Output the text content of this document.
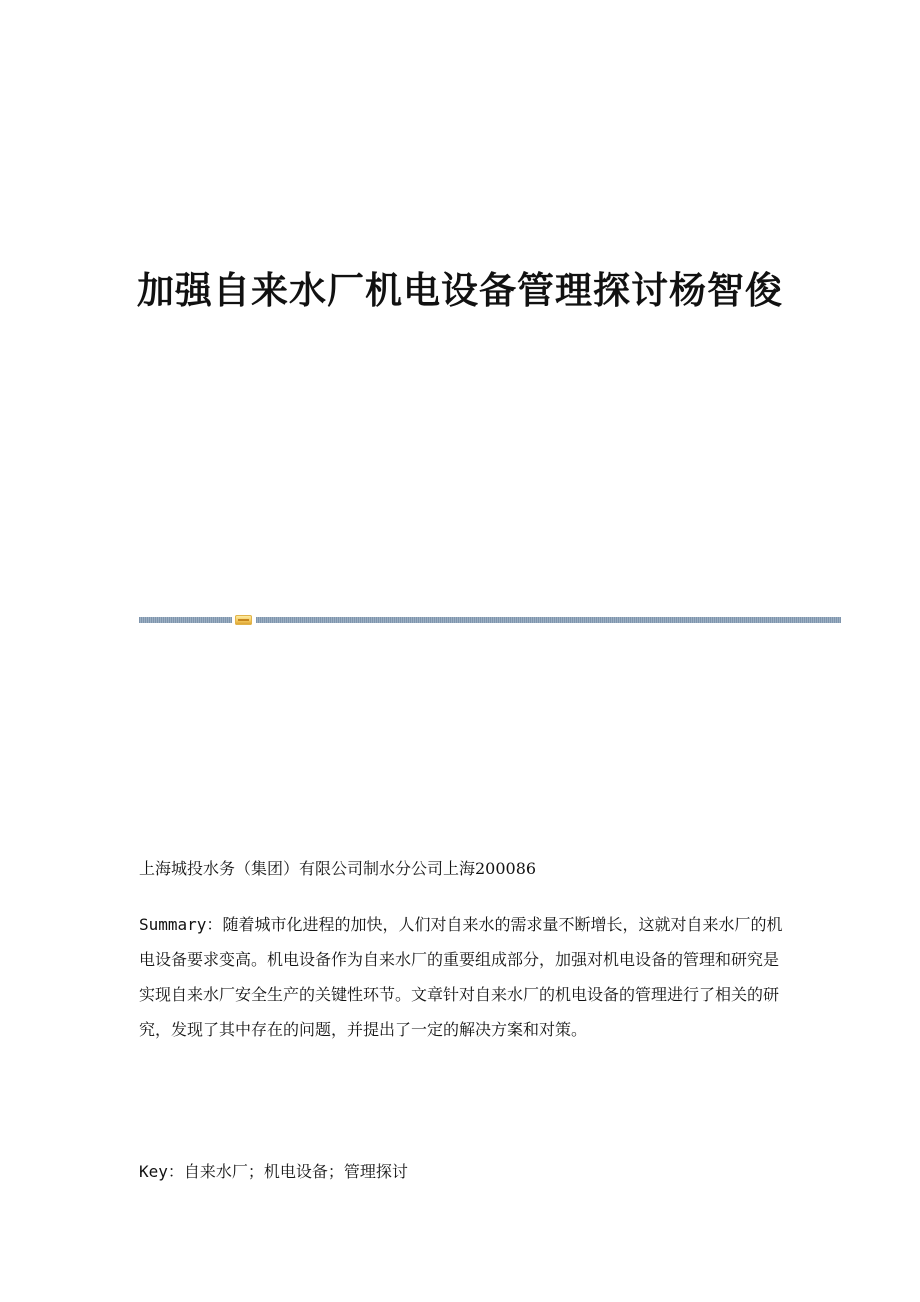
加强自来水厂机电设备管理探讨杨智俊

上海城投水务（集团）有限公司制水分公司上海200086

Summary：随着城市化进程的加快，人们对自来水的需求量不断增长，这就对自来水厂的机电设备要求变高。机电设备作为自来水厂的重要组成部分，加强对机电设备的管理和研究是实现自来水厂安全生产的关键性环节。文章针对自来水厂的机电设备的管理进行了相关的研究，发现了其中存在的问题，并提出了一定的解决方案和对策。

Key：自来水厂；机电设备；管理探讨
